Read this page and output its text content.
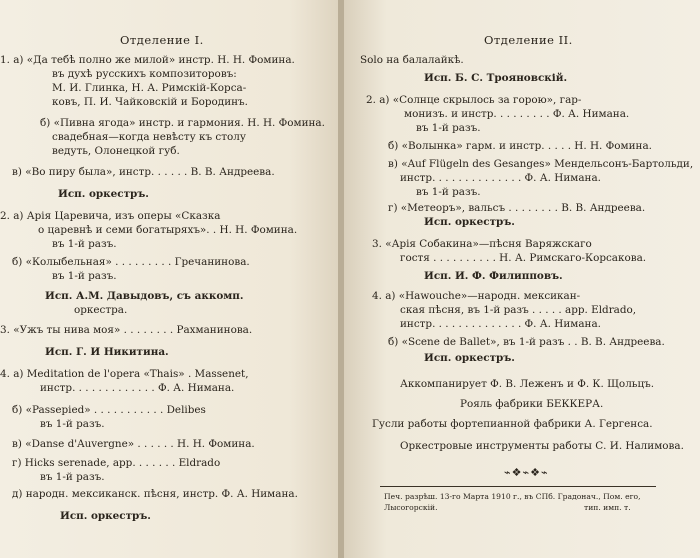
Отделение I.
1. а) «Да тебѣ полно же милой» инстр. Н. Н. Фомина.
въ духѣ русскихъ композиторовъ:
М. И. Глинка, Н. А. Римскій-Корса-
ковъ, П. И. Чайковскій и Бородинъ.
б) «Пивна ягода» инстр. и гармония. Н. Н. Фомина.
свадебная—когда невѣсту къ столу
ведуть, Олонецкой губ.
в) «Во пиру была», инстр. . . . . . В. В. Андреева.
Исп. оркестръ.
2. а) Арія Царевича, изъ оперы «Сказка
о царевнѣ и семи богатыряхъ». . Н. Н. Фомина.
въ 1-й разъ.
б) «Колыбельная» . . . . . . . . . Гречанинова.
въ 1-й разъ.
Исп. А.М. Давыдовъ, съ аккомп.
оркестра.
3. «Ужъ ты нива моя» . . . . . . . . Рахманинова.
Исп. Г. И Никитина.
4. а) Meditation de l'opera «Thais» . Massenet,
инстр. . . . . . . . . . . . . Ф. А. Нимана.
б) «Passepied» . . . . . . . . . . . Delibes
въ 1-й разъ.
в) «Danse d'Auvergne» . . . . . . Н. Н. Фомина.
г) Hicks serenade, app. . . . . . . Eldrado
въ 1-й разъ.
д) народн. мексиканск. пѣсня, инстр. Ф. А. Нимана.
Исп. оркестръ.
Отделение II.
Solo на балалайкѣ.
Исп. Б. С. Трояновскій.
2. а) «Солнце скрылось за горою», гар-
монизъ. и инстр. . . . . . . . . Ф. А. Нимана.
въ 1-й разъ.
б) «Волынка» гарм. и инстр. . . . . Н. Н. Фомина.
в) «Auf Flügeln des Gesanges» Мендельсонъ-Бартольди,
инстр. . . . . . . . . . . . . . Ф. А. Нимана.
въ 1-й разъ.
г) «Метеоръ», вальсъ . . . . . . . . В. В. Андреева.
Исп. оркестръ.
3. «Арія Собакина»—пѣсня Варяжскаго
гостя . . . . . . . . . . Н. А. Римскаго-Корсакова.
Исп. И. Ф. Филипповъ.
4. а) «Hawouche»—народн. мексикан-
ская пѣсня, въ 1-й разъ . . . . . арр. Eldrado,
инстр. . . . . . . . . . . . . . Ф. А. Нимана.
б) «Scene de Ballet», въ 1-й разъ . . В. В. Андреева.
Исп. оркестръ.
Аккомпанирует Ф. В. Леженъ и Ф. К. Щольцъ.
Рояль фабрики БЕККЕРА.
Гусли работы фортепианной фабрики А. Гергенса.
Оркестровые инструменты работы С. И. Налимова.
⌁❖⌁❖⌁
Печ. разрѣш. 13-го Марта 1910 г., въ СПб. Градонач., Пом. его,
Лысогорскій.	тип. имп. т.
